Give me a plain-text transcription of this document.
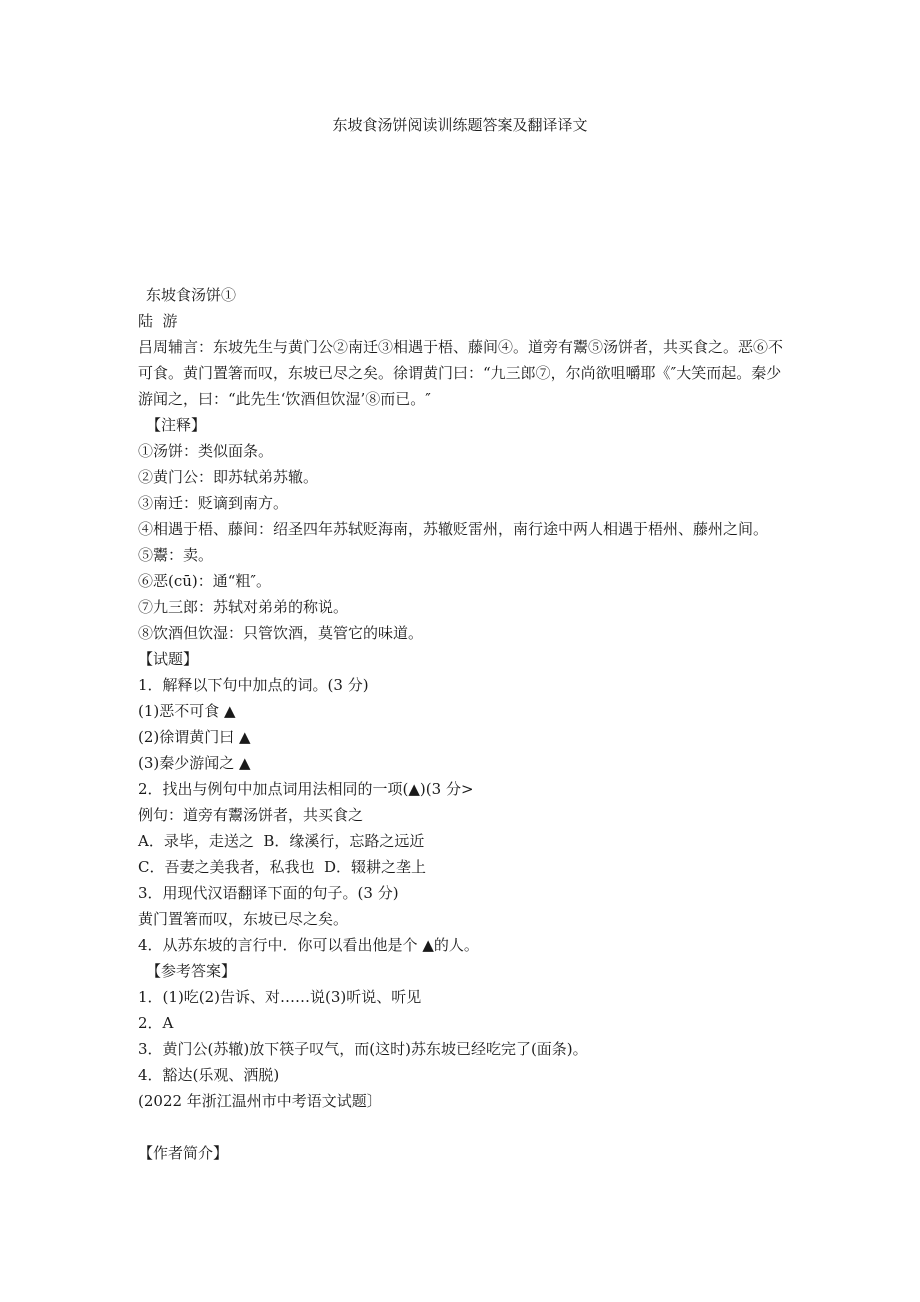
东坡食汤饼阅读训练题答案及翻译译文

东坡食汤饼①

陆  游

吕周辅言：东坡先生与黄门公②南迁③相遇于梧、藤间④。道旁有鬻⑤汤饼者，共买食之。恶⑥不可食。黄门置箸而叹，东坡已尽之矣。徐谓黄门曰：“九三郎⑦，尔尚欲咀嚼耶《″大笑而起。秦少游闻之，曰：“此先生‘饮酒但饮湿’⑧而已。″

【注释】

①汤饼：类似面条。

②黄门公：即苏轼弟苏辙。

③南迁：贬谪到南方。

④相遇于梧、藤间：绍圣四年苏轼贬海南，苏辙贬雷州，南行途中两人相遇于梧州、藤州之间。

⑤鬻：卖。

⑥恶(cū)：通“粗″。

⑦九三郎：苏轼对弟弟的称说。

⑧饮酒但饮湿：只管饮酒，莫管它的味道。

【试题】

1．解释以下句中加点的词。(3 分)

(1)恶不可食 ▲

(2)徐谓黄门曰 ▲

(3)秦少游闻之 ▲

2．找出与例句中加点词用法相同的一项(▲)(3 分>

例句：道旁有鬻汤饼者，共买食之

A．录毕，走送之  B．缘溪行，忘路之远近

C．吾妻之美我者，私我也  D．辍耕之垄上

3．用现代汉语翻译下面的句子。(3 分)

黄门置箸而叹，东坡已尽之矣。

4．从苏东坡的言行中．你可以看出他是个 ▲的人。

【参考答案】

1．(1)吃(2)告诉、对……说(3)听说、听见

2．A

3．黄门公(苏辙)放下筷子叹气，而(这时)苏东坡已经吃完了(面条)。

4．豁达(乐观、洒脱)

(2022 年浙江温州市中考语文试题〕

【作者简介】
